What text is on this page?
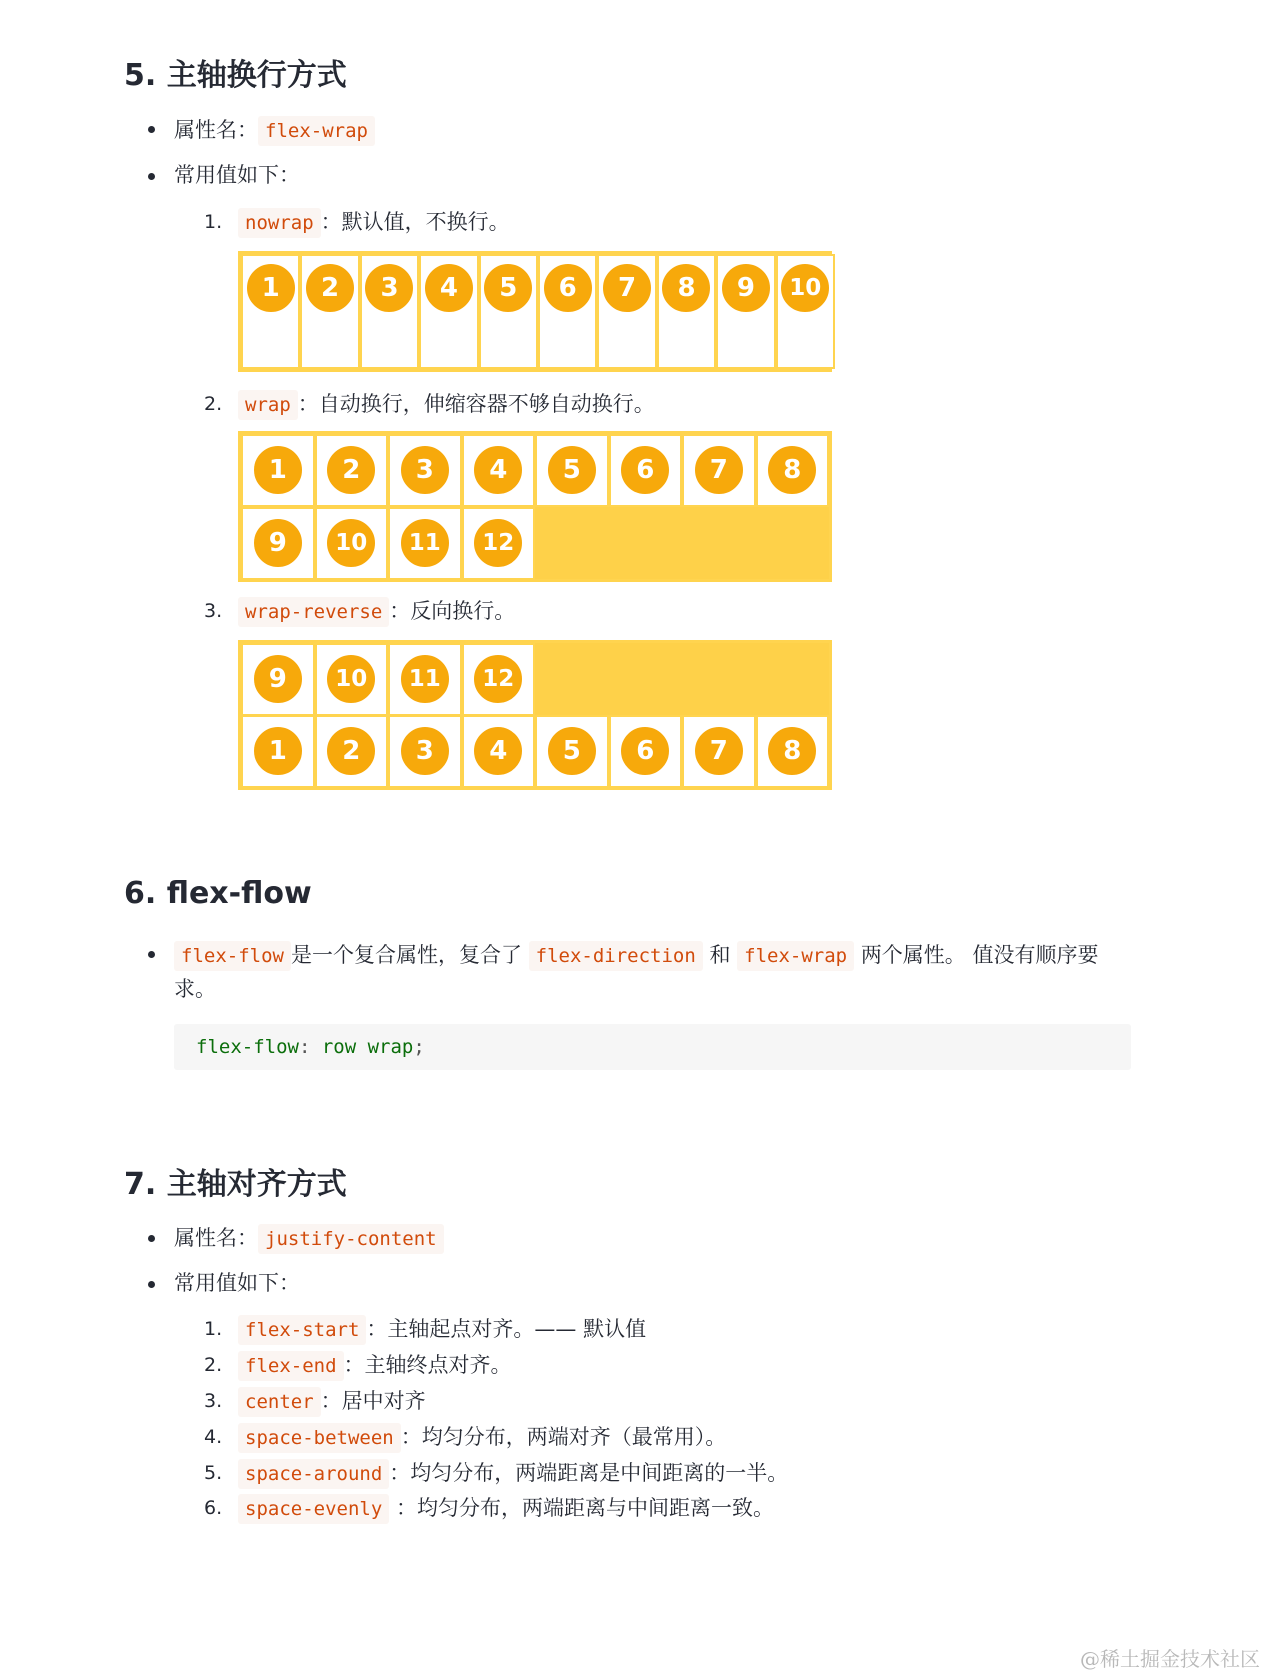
5. 主轴换行方式
属性名： flex-wrap
常用值如下：
1.	nowrap ：默认值，不换行。
1	2	3	4	5	6	7	8	9	10
2.	wrap ：自动换行，伸缩容器不够自动换行。
1	2	3	4	5	6	7	8
9	10	11	12
3.	wrap-reverse ：反向换行。
9	10	11	12
1	2	3	4	5	6	7	8
6. flex-flow
flex-flow 是一个复合属性，复合了 flex-direction 和 flex-wrap 两个属性。 值没有顺序要
求。
flex-flow: row wrap;
7. 主轴对齐方式
属性名： justify-content
常用值如下：
1.	flex-start ：主轴起点对齐。—— 默认值
2.	flex-end ：主轴终点对齐。
3.	center ：居中对齐
4.	space-between ：均匀分布，两端对齐（最常用）。
5.	space-around ：均匀分布，两端距离是中间距离的一半。
6.	space-evenly ：均匀分布，两端距离与中间距离一致。
@稀土掘金技术社区
